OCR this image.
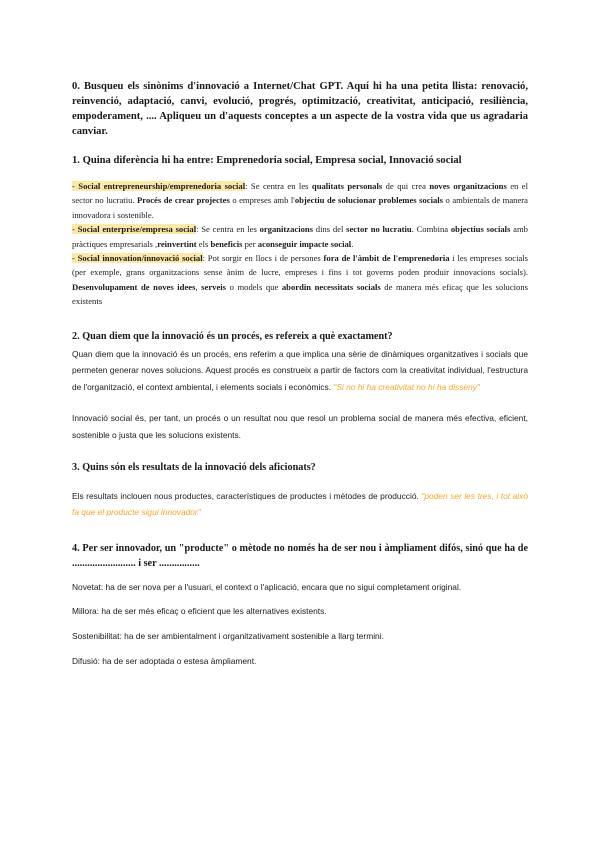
0. Busqueu els sinònims d'innovació a Internet/Chat GPT. Aquí hi ha una petita llista: renovació, reinvenció, adaptació, canvi, evolució, progrés, optimització, creativitat, anticipació, resiliència, empoderament, .... Apliqueu un d'aquests conceptes a un aspecte de la vostra vida que us agradaria canviar.

1. Quina diferència hi ha entre: Emprenedoria social, Empresa social, Innovació social

- Social entrepreneurship/emprenedoria social: Se centra en les qualitats personals de qui crea noves organitzacions en el sector no lucratiu. Procés de crear projectes o empreses amb l'objectiu de solucionar problemes socials o ambientals de manera innovadora i sostenible.

- Social enterprise/empresa social: Se centra en les organitzacions dins del sector no lucratiu. Combina objectius socials amb pràctiques empresarials ,reinvertint els beneficis per aconseguir impacte social.

- Social innovation/innovació social: Pot sorgir en llocs i de persones fora de l'àmbit de l'emprenedoria i les empreses socials (per exemple, grans organitzacions sense ànim de lucre, empreses i fins i tot governs poden produir innovacions socials). Desenvolupament de noves idees, serveis o models que abordin necessitats socials de manera més eficaç que les solucions existents

2. Quan diem que la innovació és un procés, es refereix a què exactament?

Quan diem que la innovació és un procés, ens referim a que implica una sèrie de dinàmiques organitzatives i socials que permeten generar noves solucions. Aquest procés es construeix a partir de factors com la creativitat individual, l'estructura de l'organització, el context ambiental, i elements socials i econòmics. "Si no hi ha creativitat no hi ha disseny"

Innovació social és, per tant, un procés o un resultat nou que resol un problema social de manera més efectiva, eficient, sostenible o justa que les solucions existents.

3. Quins són els resultats de la innovació dels aficionats?

Els resultats inclouen nous productes, característiques de productes i mètodes de producció. "poden ser les tres, i tot això fa que el producte sigui innovador"

4. Per ser innovador, un "producte" o mètode no només ha de ser nou i àmpliament difós, sinó que ha de ......................... i ser ................

Novetat: ha de ser nova per a l'usuari, el context o l'aplicació, encara que no sigui completament original.

Millora: ha de ser més eficaç o eficient que les alternatives existents.

Sostenibilitat: ha de ser ambientalment i organitzativament sostenible a llarg termini.

Difusió: ha de ser adoptada o estesa àmpliament.
